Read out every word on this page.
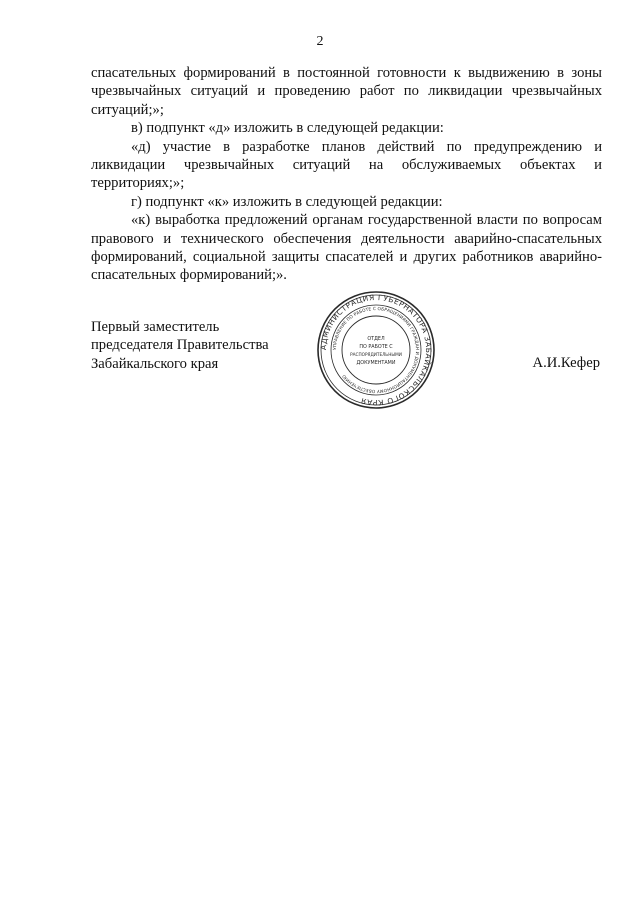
2

спасательных формирований в постоянной готовности к выдвижению в зоны чрезвычайных ситуаций и проведению работ по ликвидации чрезвычайных ситуаций;»;

в) подпункт «д» изложить в следующей редакции:

«д) участие в разработке планов действий по предупреждению и ликвидации чрезвычайных ситуаций на обслуживаемых объектах и территориях;»;

г) подпункт «к» изложить в следующей редакции:

«к) выработка предложений органам государственной власти по вопросам правового и технического обеспечения деятельности аварийно-спасательных формирований, социальной защиты спасателей и других работников аварийно-спасательных формирований;».

Первый заместитель
председателя Правительства
Забайкальского края	А.И.Кефер
АДМИНИСТРАЦИЯ ГУБЕРНАТОРА ЗАБАЙКАЛЬСКОГО КРАЯ
УПРАВЛЕНИЕ ПО РАБОТЕ С ОБРАЩЕНИЯМИ ГРАЖДАН И ДОКУМЕНТАЦИОННОМУ ОБЕСПЕЧЕНИЮ
ОТДЕЛ
ПО РАБОТЕ С
РАСПОРЯДИТЕЛЬНЫМИ
ДОКУМЕНТАМИ
